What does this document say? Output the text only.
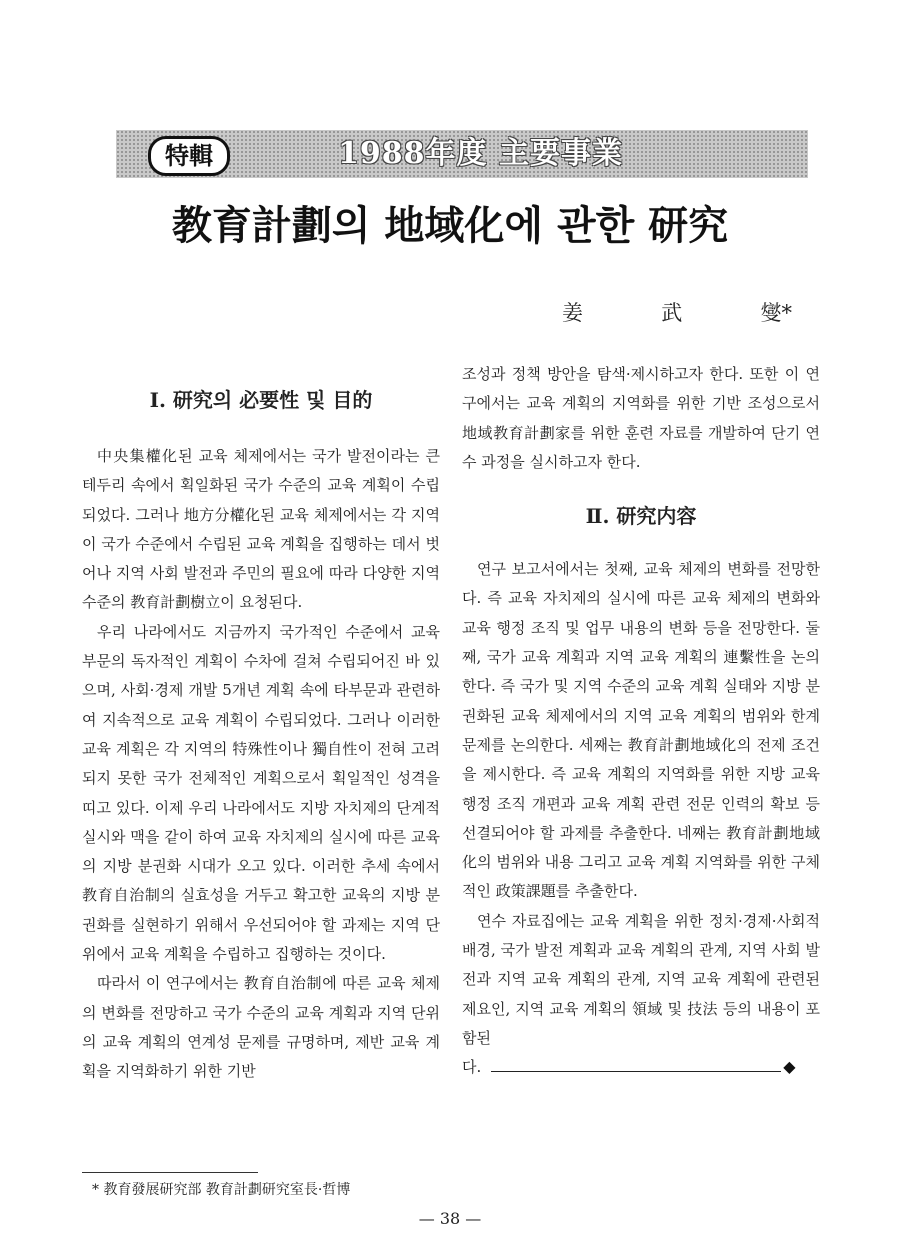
特輯	1988年度 主要事業
教育計劃의 地域化에 관한 研究
姜	武	燮*
Ⅰ. 研究의 必要性 및 目的

中央集權化된 교육 체제에서는 국가 발전이라는 큰 테두리 속에서 획일화된 국가 수준의 교육 계획이 수립되었다. 그러나 地方分權化된 교육 체제에서는 각 지역이 국가 수준에서 수립된 교육 계획을 집행하는 데서 벗어나 지역 사회 발전과 주민의 필요에 따라 다양한 지역 수준의 教育計劃樹立이 요청된다.

우리 나라에서도 지금까지 국가적인 수준에서 교육 부문의 독자적인 계획이 수차에 걸쳐 수립되어진 바 있으며, 사회·경제 개발 5개년 계획 속에 타부문과 관련하여 지속적으로 교육 계획이 수립되었다. 그러나 이러한 교육 계획은 각 지역의 特殊性이나 獨自性이 전혀 고려되지 못한 국가 전체적인 계획으로서 획일적인 성격을 띠고 있다. 이제 우리 나라에서도 지방 자치제의 단계적 실시와 맥을 같이 하여 교육 자치제의 실시에 따른 교육의 지방 분권화 시대가 오고 있다. 이러한 추세 속에서 教育自治制의 실효성을 거두고 확고한 교육의 지방 분권화를 실현하기 위해서 우선되어야 할 과제는 지역 단위에서 교육 계획을 수립하고 집행하는 것이다.

따라서 이 연구에서는 教育自治制에 따른 교육 체제의 변화를 전망하고 국가 수준의 교육 계획과 지역 단위의 교육 계획의 연계성 문제를 규명하며, 제반 교육 계획을 지역화하기 위한 기반

조성과 정책 방안을 탐색·제시하고자 한다. 또한 이 연구에서는 교육 계획의 지역화를 위한 기반 조성으로서 地域教育計劃家를 위한 훈련 자료를 개발하여 단기 연수 과정을 실시하고자 한다.

Ⅱ. 研究内容

연구 보고서에서는 첫째, 교육 체제의 변화를 전망한다. 즉 교육 자치제의 실시에 따른 교육 체제의 변화와 교육 행정 조직 및 업무 내용의 변화 등을 전망한다. 둘째, 국가 교육 계획과 지역 교육 계획의 連繫性을 논의한다. 즉 국가 및 지역 수준의 교육 계획 실태와 지방 분권화된 교육 체제에서의 지역 교육 계획의 범위와 한계 문제를 논의한다. 세째는 教育計劃地域化의 전제 조건을 제시한다. 즉 교육 계획의 지역화를 위한 지방 교육 행정 조직 개편과 교육 계획 관련 전문 인력의 확보 등 선결되어야 할 과제를 추출한다. 네째는 教育計劃地域化의 범위와 내용 그리고 교육 계획 지역화를 위한 구체적인 政策課題를 추출한다.

연수 자료집에는 교육 계획을 위한 정치·경제·사회적 배경, 국가 발전 계획과 교육 계획의 관계, 지역 사회 발전과 지역 교육 계획의 관계, 지역 교육 계획에 관련된 제요인, 지역 교육 계획의 領域 및 技法 등의 내용이 포함된

다.	◆

* 教育發展研究部 教育計劃研究室長·哲博
— 38 —
